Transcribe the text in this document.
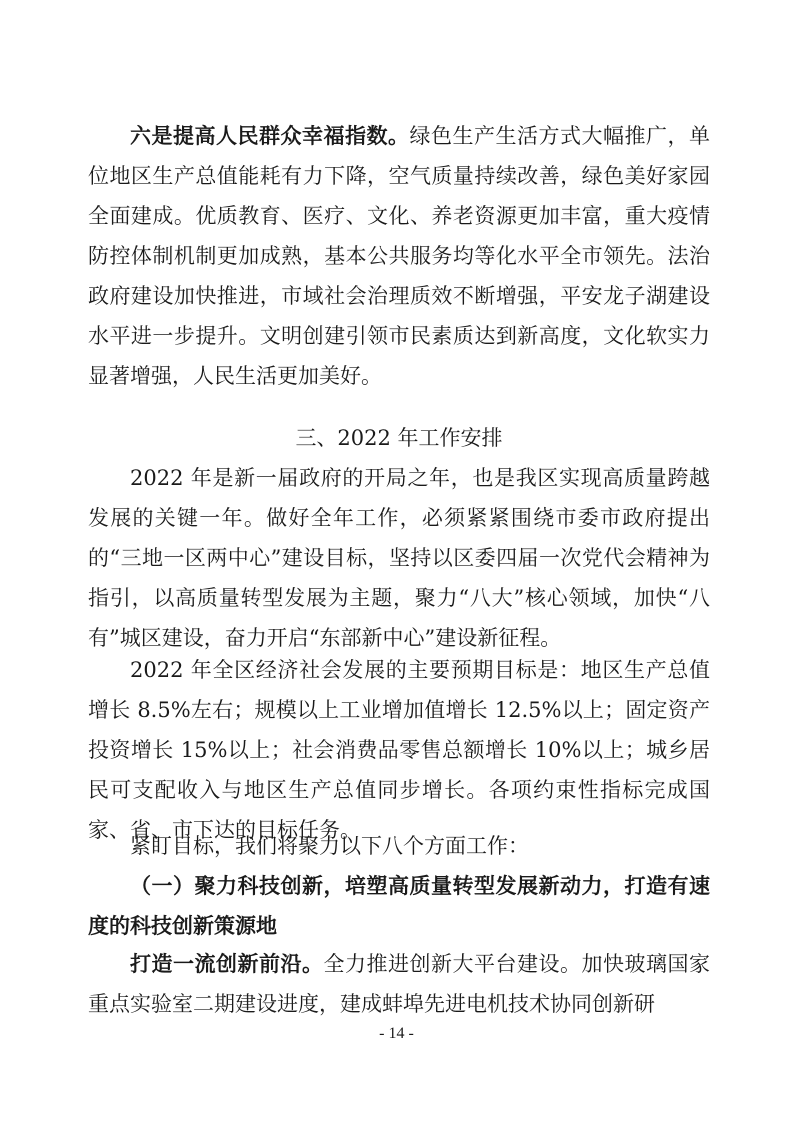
六是提高人民群众幸福指数。绿色生产生活方式大幅推广，单位地区生产总值能耗有力下降，空气质量持续改善，绿色美好家园全面建成。优质教育、医疗、文化、养老资源更加丰富，重大疫情防控体制机制更加成熟，基本公共服务均等化水平全市领先。法治政府建设加快推进，市域社会治理质效不断增强，平安龙子湖建设水平进一步提升。文明创建引领市民素质达到新高度，文化软实力显著增强，人民生活更加美好。

三、2022 年工作安排

2022 年是新一届政府的开局之年，也是我区实现高质量跨越发展的关键一年。做好全年工作，必须紧紧围绕市委市政府提出的“三地一区两中心”建设目标，坚持以区委四届一次党代会精神为指引，以高质量转型发展为主题，聚力“八大”核心领域，加快“八有”城区建设，奋力开启“东部新中心”建设新征程。

2022 年全区经济社会发展的主要预期目标是：地区生产总值增长 8.5%左右；规模以上工业增加值增长 12.5%以上；固定资产投资增长 15%以上；社会消费品零售总额增长 10%以上；城乡居民可支配收入与地区生产总值同步增长。各项约束性指标完成国家、省、市下达的目标任务。

紧盯目标，我们将聚力以下八个方面工作：

（一）聚力科技创新，培塑高质量转型发展新动力，打造有速度的科技创新策源地

打造一流创新前沿。全力推进创新大平台建设。加快玻璃国家重点实验室二期建设进度，建成蚌埠先进电机技术协同创新研

- 14 -
